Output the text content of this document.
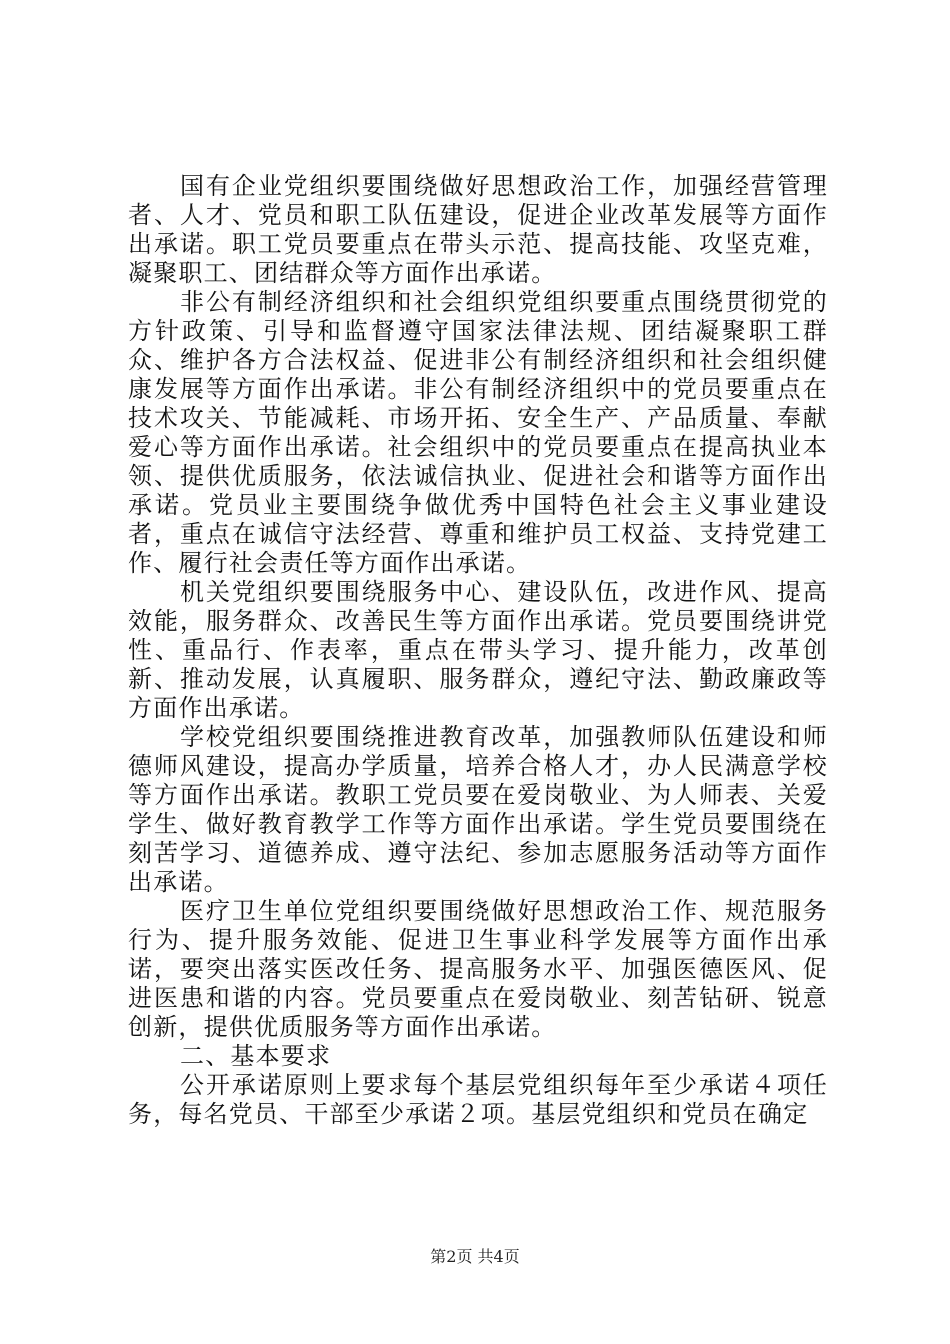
国有企业党组织要围绕做好思想政治工作，加强经营管理者、人才、党员和职工队伍建设，促进企业改革发展等方面作出承诺。职工党员要重点在带头示范、提高技能、攻坚克难，凝聚职工、团结群众等方面作出承诺。

非公有制经济组织和社会组织党组织要重点围绕贯彻党的方针政策、引导和监督遵守国家法律法规、团结凝聚职工群众、维护各方合法权益、促进非公有制经济组织和社会组织健康发展等方面作出承诺。非公有制经济组织中的党员要重点在技术攻关、节能减耗、市场开拓、安全生产、产品质量、奉献爱心等方面作出承诺。社会组织中的党员要重点在提高执业本领、提供优质服务，依法诚信执业、促进社会和谐等方面作出承诺。党员业主要围绕争做优秀中国特色社会主义事业建设者，重点在诚信守法经营、尊重和维护员工权益、支持党建工作、履行社会责任等方面作出承诺。

机关党组织要围绕服务中心、建设队伍，改进作风、提高效能，服务群众、改善民生等方面作出承诺。党员要围绕讲党性、重品行、作表率，重点在带头学习、提升能力，改革创新、推动发展，认真履职、服务群众，遵纪守法、勤政廉政等方面作出承诺。

学校党组织要围绕推进教育改革，加强教师队伍建设和师德师风建设，提高办学质量，培养合格人才，办人民满意学校等方面作出承诺。教职工党员要在爱岗敬业、为人师表、关爱学生、做好教育教学工作等方面作出承诺。学生党员要围绕在刻苦学习、道德养成、遵守法纪、参加志愿服务活动等方面作出承诺。

医疗卫生单位党组织要围绕做好思想政治工作、规范服务行为、提升服务效能、促进卫生事业科学发展等方面作出承诺，要突出落实医改任务、提高服务水平、加强医德医风、促进医患和谐的内容。党员要重点在爱岗敬业、刻苦钻研、锐意创新，提供优质服务等方面作出承诺。

二、基本要求

公开承诺原则上要求每个基层党组织每年至少承诺４项任务，每名党员、干部至少承诺２项。基层党组织和党员在确定

第2页 共4页
